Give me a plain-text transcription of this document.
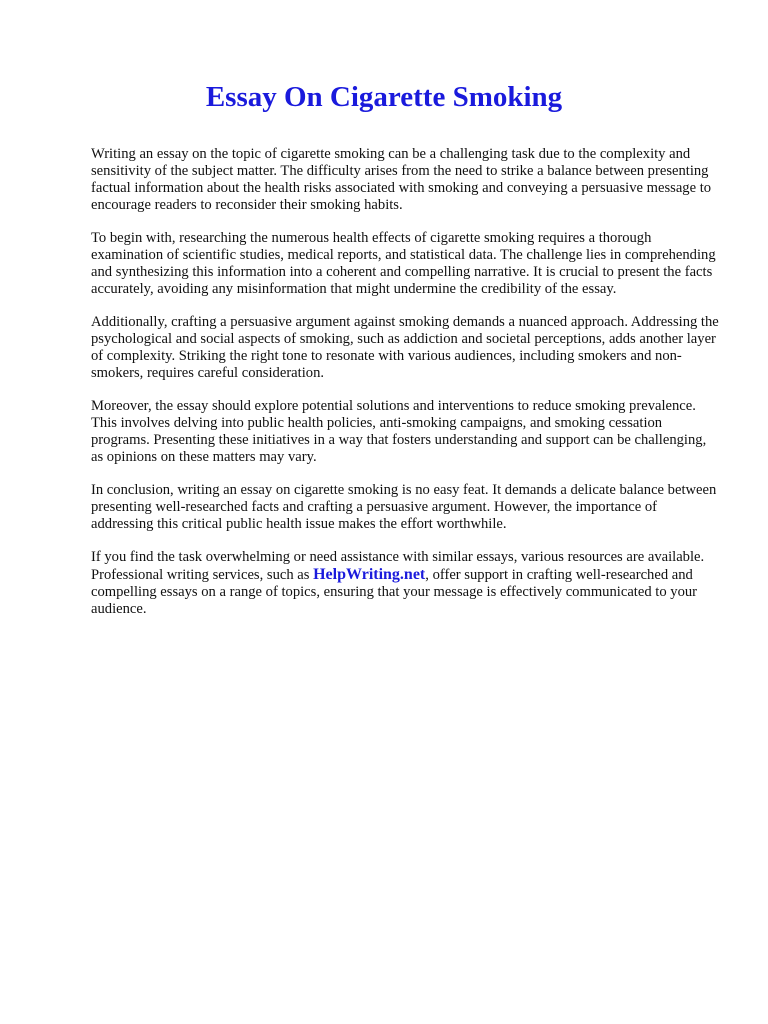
Essay On Cigarette Smoking

Writing an essay on the topic of cigarette smoking can be a challenging task due to the complexity and sensitivity of the subject matter. The difficulty arises from the need to strike a balance between presenting factual information about the health risks associated with smoking and conveying a persuasive message to encourage readers to reconsider their smoking habits.

To begin with, researching the numerous health effects of cigarette smoking requires a thorough examination of scientific studies, medical reports, and statistical data. The challenge lies in comprehending and synthesizing this information into a coherent and compelling narrative. It is crucial to present the facts accurately, avoiding any misinformation that might undermine the credibility of the essay.

Additionally, crafting a persuasive argument against smoking demands a nuanced approach. Addressing the psychological and social aspects of smoking, such as addiction and societal perceptions, adds another layer of complexity. Striking the right tone to resonate with various audiences, including smokers and non-smokers, requires careful consideration.

Moreover, the essay should explore potential solutions and interventions to reduce smoking prevalence. This involves delving into public health policies, anti-smoking campaigns, and smoking cessation programs. Presenting these initiatives in a way that fosters understanding and support can be challenging, as opinions on these matters may vary.

In conclusion, writing an essay on cigarette smoking is no easy feat. It demands a delicate balance between presenting well-researched facts and crafting a persuasive argument. However, the importance of addressing this critical public health issue makes the effort worthwhile.

If you find the task overwhelming or need assistance with similar essays, various resources are available. Professional writing services, such as HelpWriting.net, offer support in crafting well-researched and compelling essays on a range of topics, ensuring that your message is effectively communicated to your audience.
